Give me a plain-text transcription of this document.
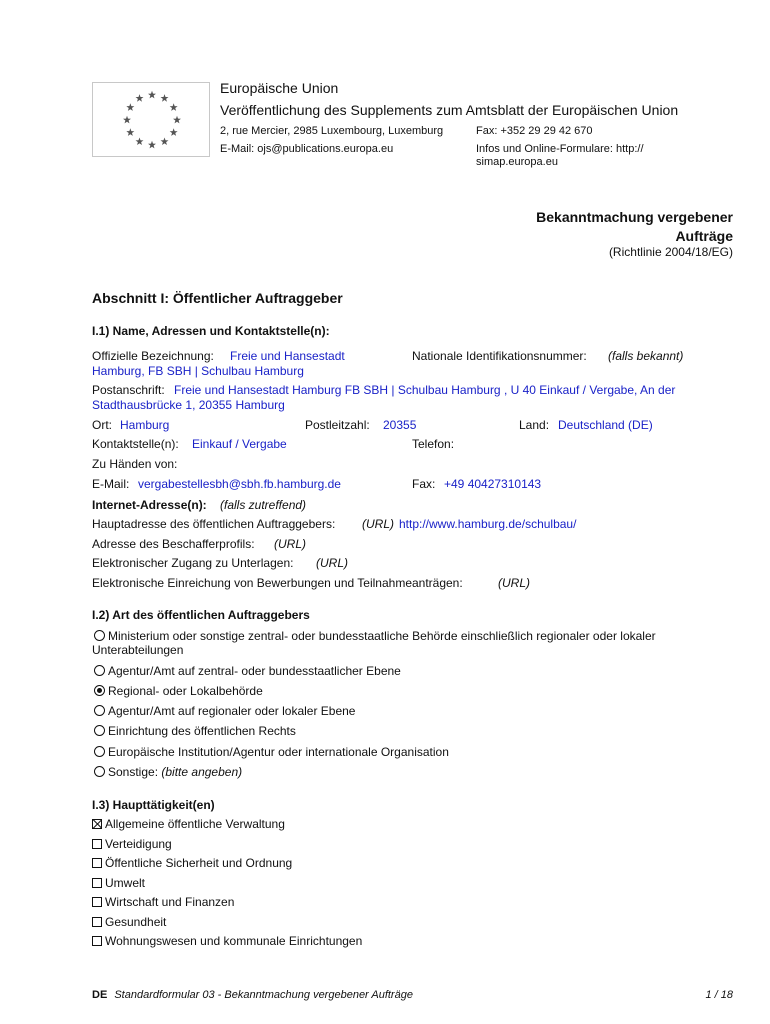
Europäische Union
Veröffentlichung des Supplements zum Amtsblatt der Europäischen Union
2, rue Mercier, 2985 Luxembourg, Luxemburg	Fax: +352 29 29 42 670
E-Mail: ojs@publications.europa.eu	Infos und Online-Formulare: http://
simap.europa.eu
Bekanntmachung vergebener
Aufträge
(Richtlinie 2004/18/EG)
Abschnitt I: Öffentlicher Auftraggeber
I.1) Name, Adressen und Kontaktstelle(n):
Offizielle Bezeichnung: Freie und Hansestadt
Hamburg, FB SBH | Schulbau Hamburg
Nationale Identifikationsnummer: (falls bekannt)
Postanschrift: Freie und Hansestadt Hamburg FB SBH | Schulbau Hamburg , U 40 Einkauf / Vergabe, An der
Stadthausbrücke 1, 20355 Hamburg
Ort: Hamburg	Postleitzahl: 20355	Land: Deutschland (DE)
Kontaktstelle(n): Einkauf / Vergabe	Telefon:
Zu Händen von:
E-Mail: vergabestellesbh@sbh.fb.hamburg.de	Fax: +49 40427310143
Internet-Adresse(n): (falls zutreffend)
Hauptadresse des öffentlichen Auftraggebers: (URL) http://www.hamburg.de/schulbau/
Adresse des Beschafferprofils: (URL)
Elektronischer Zugang zu Unterlagen: (URL)
Elektronische Einreichung von Bewerbungen und Teilnahmeanträgen:	(URL)
I.2) Art des öffentlichen Auftraggebers
Ministerium oder sonstige zentral- oder bundesstaatliche Behörde einschließlich regionaler oder lokaler
Unterabteilungen
Agentur/Amt auf zentral- oder bundesstaatlicher Ebene
Regional- oder Lokalbehörde
Agentur/Amt auf regionaler oder lokaler Ebene
Einrichtung des öffentlichen Rechts
Europäische Institution/Agentur oder internationale Organisation
Sonstige: (bitte angeben)
I.3) Haupttätigkeit(en)
Allgemeine öffentliche Verwaltung
Verteidigung
Öffentliche Sicherheit und Ordnung
Umwelt
Wirtschaft und Finanzen
Gesundheit
Wohnungswesen und kommunale Einrichtungen
DE Standardformular 03 - Bekanntmachung vergebener Aufträge	1 / 18
